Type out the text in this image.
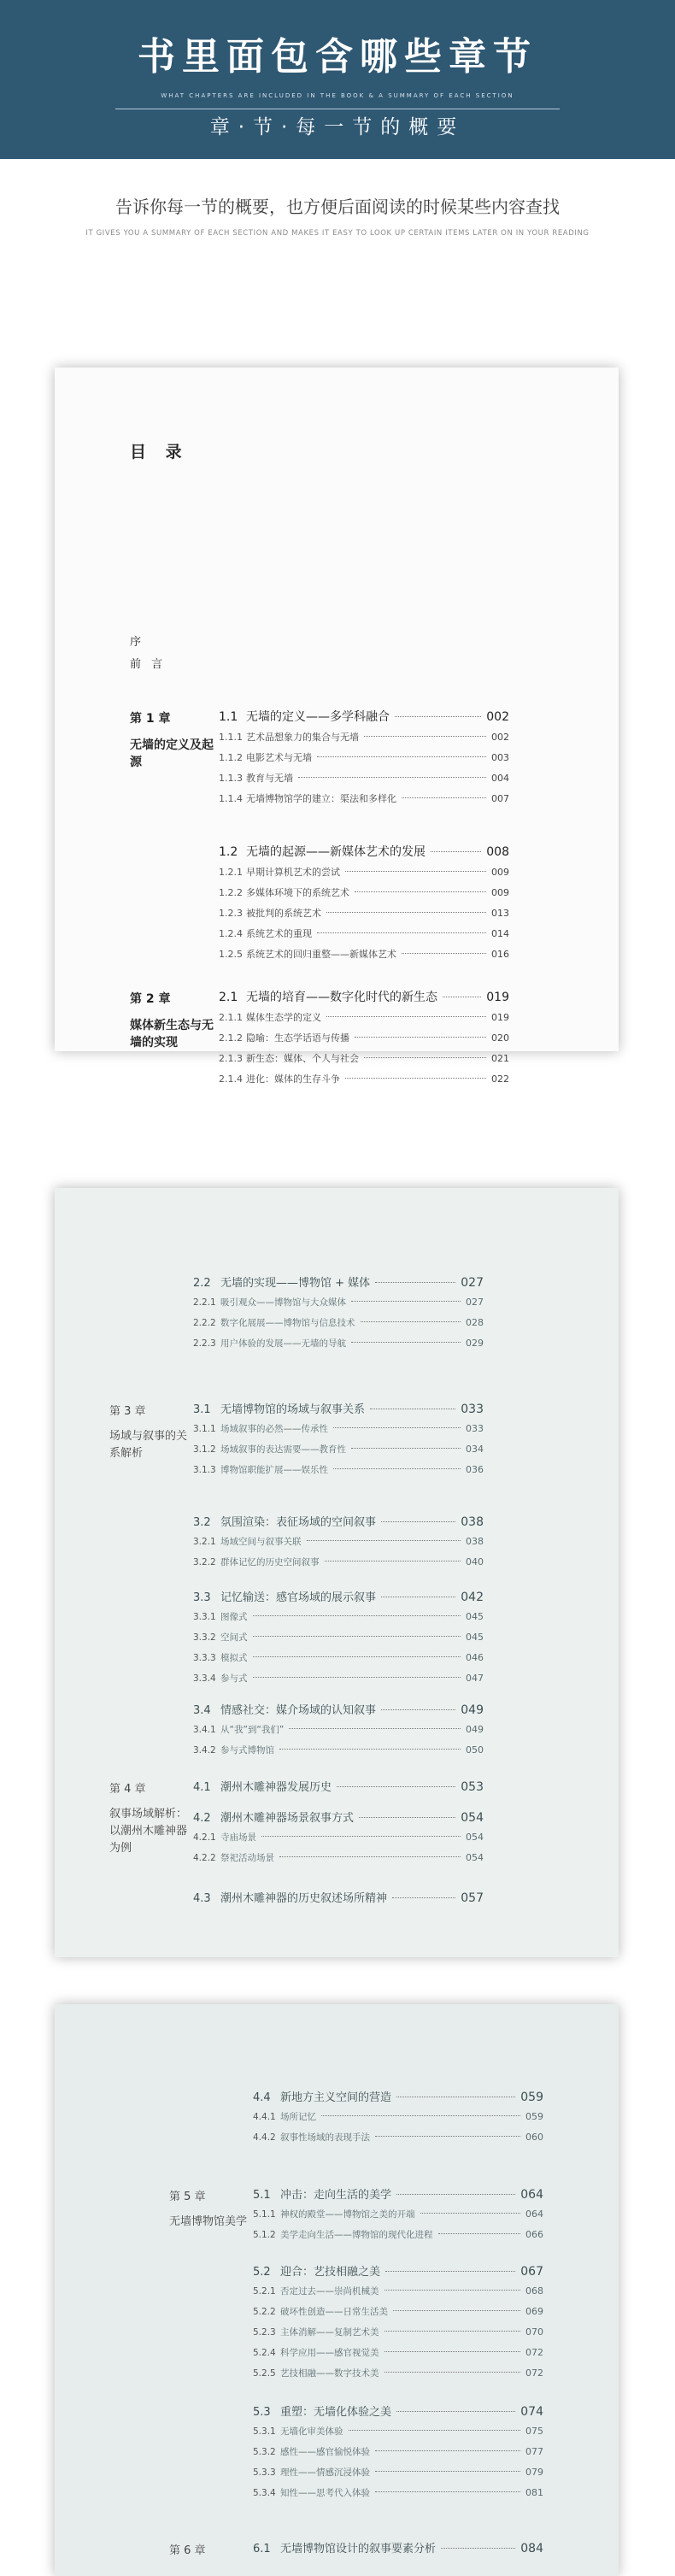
书里面包含哪些章节
WHAT CHAPTERS ARE INCLUDED IN THE BOOK & A SUMMARY OF EACH SECTION
章·节·每一节的概要
告诉你每一节的概要，也方便后面阅读的时候某些内容查找
IT GIVES YOU A SUMMARY OF EACH SECTION AND MAKES IT EASY TO LOOK UP CERTAIN ITEMS LATER ON IN YOUR READING
目 录
序
前 言
第 1 章
无墙的定义及起源
1.1 无墙的定义——多学科融合	002
1.1.1 艺术品想象力的集合与无墙	002
1.1.2 电影艺术与无墙	003
1.1.3 教育与无墙	004
1.1.4 无墙博物馆学的建立：渠法和多样化	007
1.2 无墙的起源——新媒体艺术的发展	008
1.2.1 早期计算机艺术的尝试	009
1.2.2 多媒体环境下的系统艺术	009
1.2.3 被批判的系统艺术	013
1.2.4 系统艺术的重现	014
1.2.5 系统艺术的回归重整——新媒体艺术	016
第 2 章
媒体新生态与无墙的实现
2.1 无墙的培育——数字化时代的新生态	019
2.1.1 媒体生态学的定义	019
2.1.2 隐喻：生态学话语与传播	020
2.1.3 新生态：媒体、个人与社会	021
2.1.4 进化：媒体的生存斗争	022
2.2 无墙的实现——博物馆 + 媒体	027
2.2.1 吸引观众——博物馆与大众媒体	027
2.2.2 数字化展展——博物馆与信息技术	028
2.2.3 用户体验的发展——无墙的导航	029
第 3 章
场域与叙事的关系解析
3.1 无墙博物馆的场域与叙事关系	033
3.1.1 场域叙事的必然——传承性	033
3.1.2 场域叙事的表达需要——教育性	034
3.1.3 博物馆职能扩展——娱乐性	036
3.2 氛围渲染：表征场域的空间叙事	038
3.2.1 场域空间与叙事关联	038
3.2.2 群体记忆的历史空间叙事	040
3.3 记忆输送：感官场域的展示叙事	042
3.3.1 图像式	045
3.3.2 空间式	045
3.3.3 模拟式	046
3.3.4 参与式	047
3.4 情感社交：媒介场域的认知叙事	049
3.4.1 从“我”到“我们”	049
3.4.2 参与式博物馆	050
第 4 章
叙事场域解析：以潮州木雕神器为例
4.1 潮州木雕神器发展历史	053
4.2 潮州木雕神器场景叙事方式	054
4.2.1 寺庙场景	054
4.2.2 祭祀活动场景	054
4.3 潮州木雕神器的历史叙述场所精神	057
4.4 新地方主义空间的营造	059
4.4.1 场所记忆	059
4.4.2 叙事性场域的表现手法	060
第 5 章
无墙博物馆美学
5.1 冲击：走向生活的美学	064
5.1.1 神权的殿堂——博物馆之美的开端	064
5.1.2 美学走向生活——博物馆的现代化进程	066
5.2 迎合：艺技相融之美	067
5.2.1 否定过去——崇尚机械美	068
5.2.2 破坏性创造——日常生活美	069
5.2.3 主体消解——复制艺术美	070
5.2.4 科学应用——感官视觉美	072
5.2.5 艺技相融——数字技术美	072
5.3 重塑：无墙化体验之美	074
5.3.1 无墙化审美体验	075
5.3.2 感性——感官愉悦体验	077
5.3.3 理性——情感沉浸体验	079
5.3.4 知性——思考代入体验	081
第 6 章	6.1 无墙博物馆设计的叙事要素分析	084
